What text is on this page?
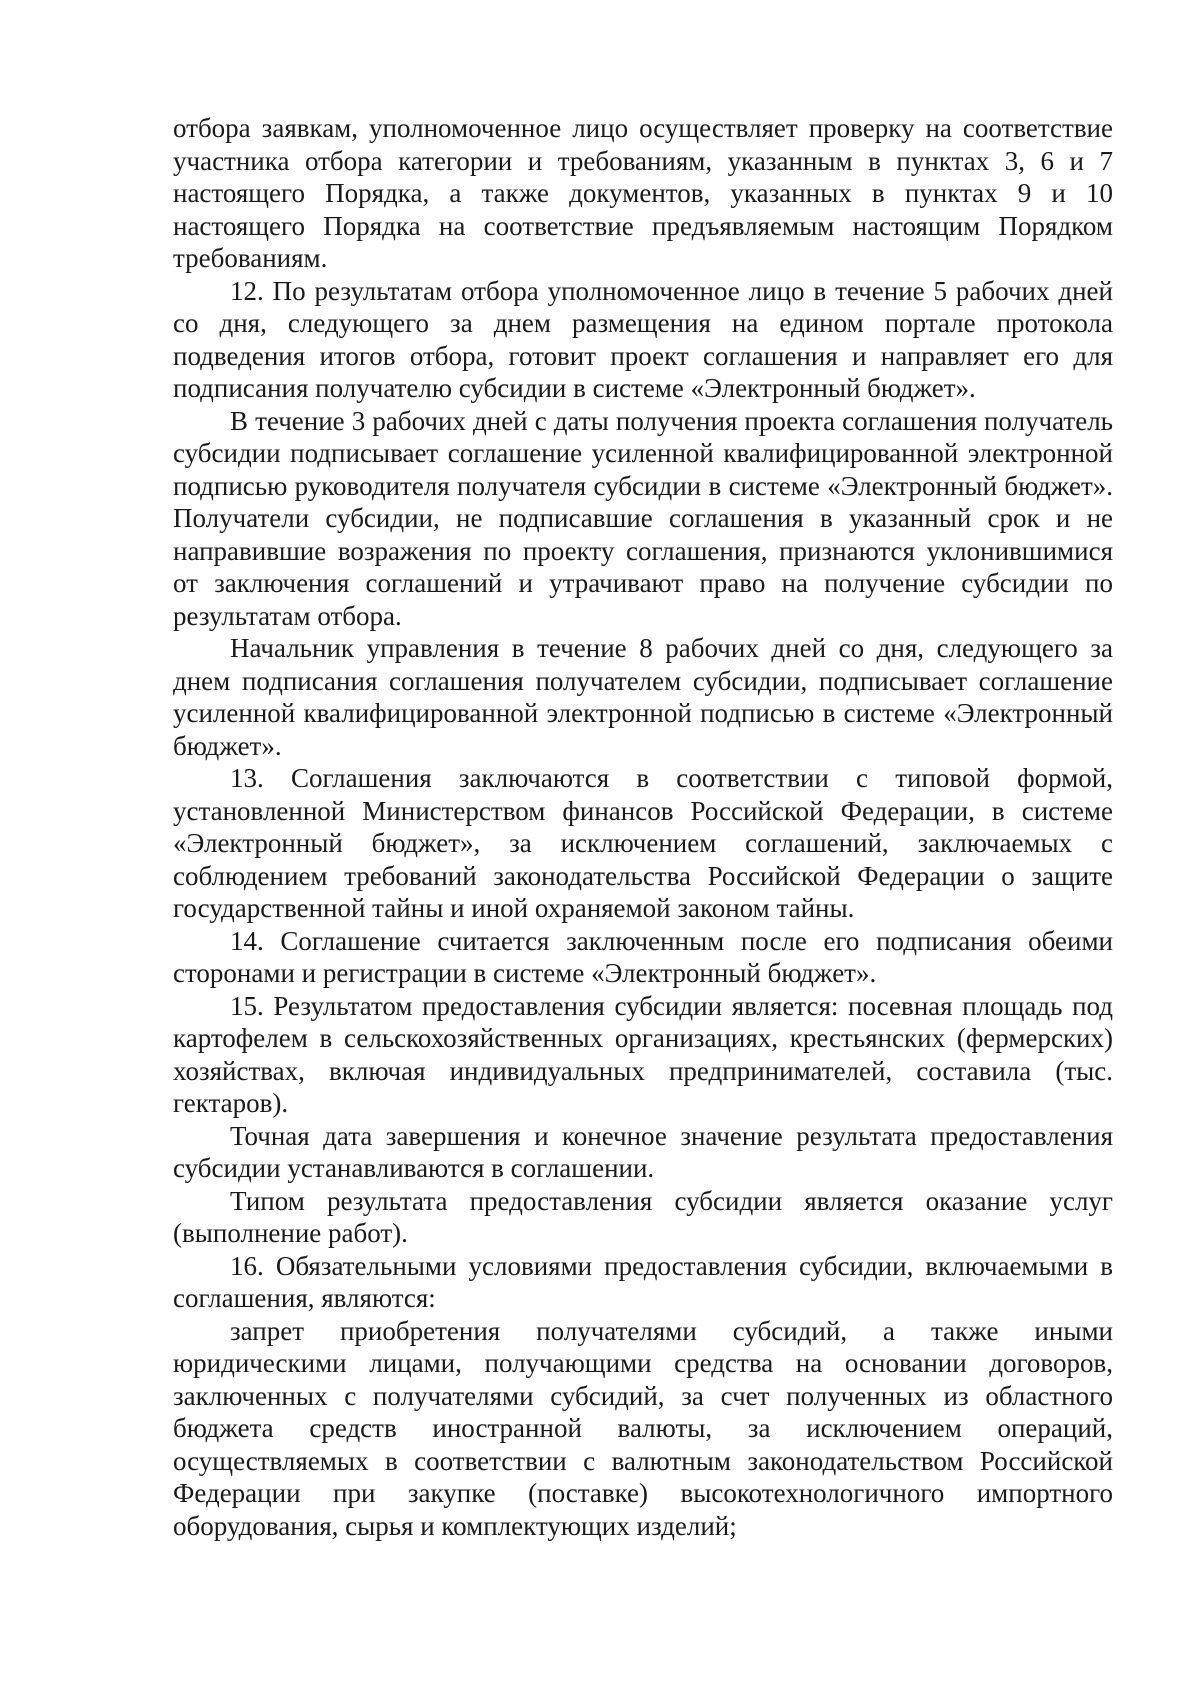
отбора заявкам, уполномоченное лицо осуществляет проверку на соответствие участника отбора категории и требованиям, указанным в пунктах 3, 6 и 7 настоящего Порядка, а также документов, указанных в пунктах 9 и 10 настоящего Порядка на соответствие предъявляемым настоящим Порядком требованиям.

12. По результатам отбора уполномоченное лицо в течение 5 рабочих дней со дня, следующего за днем размещения на едином портале протокола подведения итогов отбора, готовит проект соглашения и направляет его для подписания получателю субсидии в системе «Электронный бюджет».

В течение 3 рабочих дней с даты получения проекта соглашения получатель субсидии подписывает соглашение усиленной квалифицированной электронной подписью руководителя получателя субсидии в системе «Электронный бюджет». Получатели субсидии, не подписавшие соглашения в указанный срок и не направившие возражения по проекту соглашения, признаются уклонившимися от заключения соглашений и утрачивают право на получение субсидии по результатам отбора.

Начальник управления в течение 8 рабочих дней со дня, следующего за днем подписания соглашения получателем субсидии, подписывает соглашение усиленной квалифицированной электронной подписью в системе «Электронный бюджет».

13. Соглашения заключаются в соответствии с типовой формой, установленной Министерством финансов Российской Федерации, в системе «Электронный бюджет», за исключением соглашений, заключаемых с соблюдением требований законодательства Российской Федерации о защите государственной тайны и иной охраняемой законом тайны.

14. Соглашение считается заключенным после его подписания обеими сторонами и регистрации в системе «Электронный бюджет».

15. Результатом предоставления субсидии является: посевная площадь под картофелем в сельскохозяйственных организациях, крестьянских (фермерских) хозяйствах, включая индивидуальных предпринимателей, составила (тыс. гектаров).

Точная дата завершения и конечное значение результата предоставления субсидии устанавливаются в соглашении.

Типом результата предоставления субсидии является оказание услуг (выполнение работ).

16. Обязательными условиями предоставления субсидии, включаемыми в соглашения, являются:

запрет приобретения получателями субсидий, а также иными юридическими лицами, получающими средства на основании договоров, заключенных с получателями субсидий, за счет полученных из областного бюджета средств иностранной валюты, за исключением операций, осуществляемых в соответствии с валютным законодательством Российской Федерации при закупке (поставке) высокотехнологичного импортного оборудования, сырья и комплектующих изделий;
